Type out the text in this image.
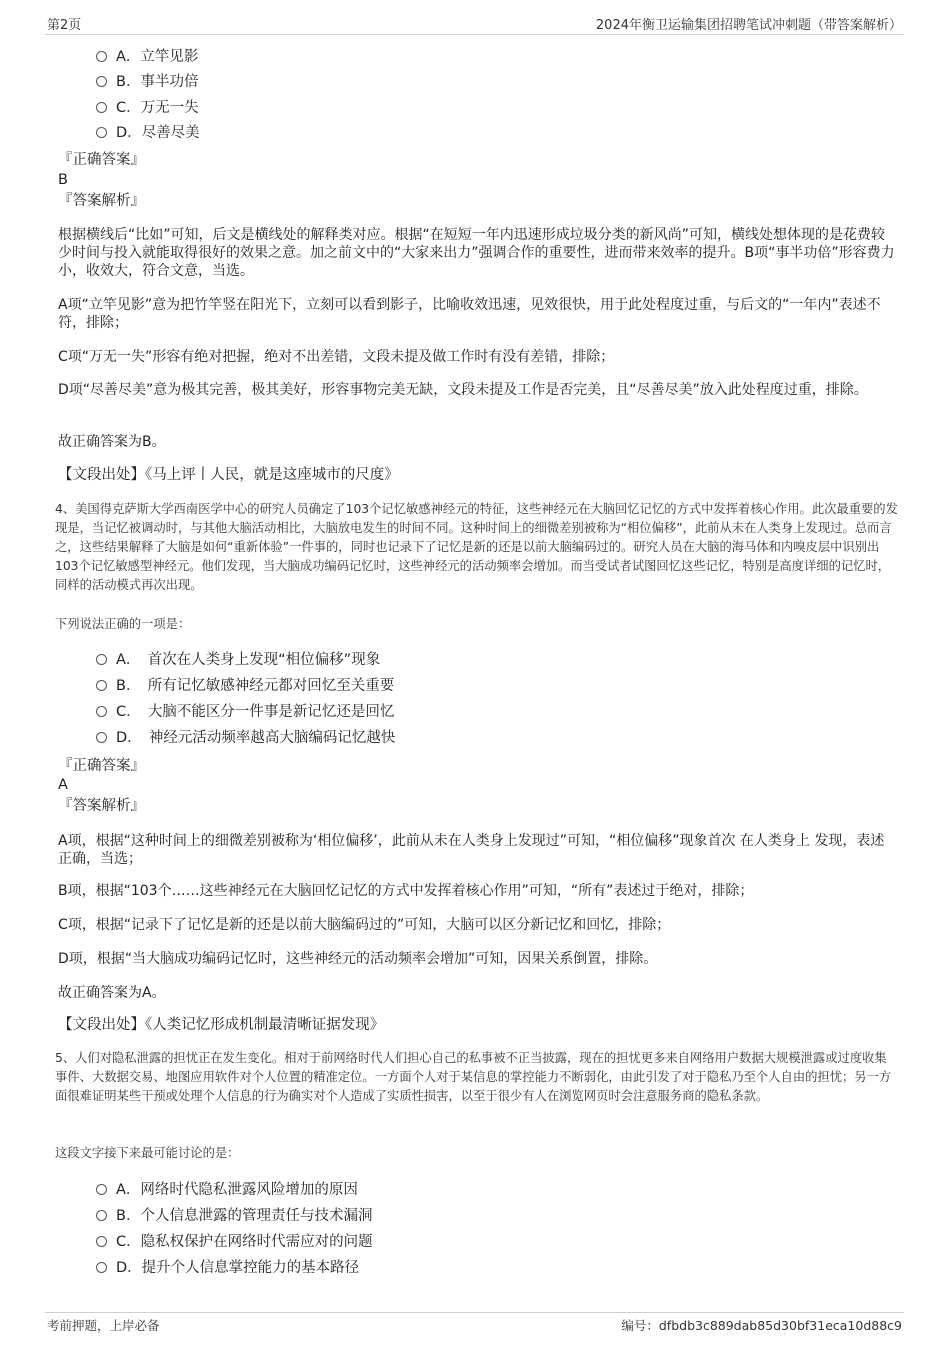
第2页	2024年衡卫运输集团招聘笔试冲刺题（带答案解析）
A．立竿见影
B．事半功倍
C．万无一失
D．尽善尽美
『正确答案』
B
『答案解析』
根据横线后“比如”可知，后文是横线处的解释类对应。根据“在短短一年内迅速形成垃圾分类的新风尚”可知，横线处想体现的是花费较少时间与投入就能取得很好的效果之意。加之前文中的“大家来出力”强调合作的重要性，进而带来效率的提升。B项“事半功倍”形容费力小，收效大，符合文意，当选。
A项“立竿见影”意为把竹竿竖在阳光下，立刻可以看到影子，比喻收效迅速，见效很快，用于此处程度过重，与后文的“一年内”表述不符，排除；
C项“万无一失”形容有绝对把握，绝对不出差错，文段未提及做工作时有没有差错，排除；
D项“尽善尽美”意为极其完善，极其美好，形容事物完美无缺，文段未提及工作是否完美，且“尽善尽美”放入此处程度过重，排除。
故正确答案为B。
【文段出处】《马上评丨人民，就是这座城市的尺度》
4、美国得克萨斯大学西南医学中心的研究人员确定了103个记忆敏感神经元的特征，这些神经元在大脑回忆记忆的方式中发挥着核心作用。此次最重要的发现是，当记忆被调动时，与其他大脑活动相比，大脑放电发生的时间不同。这种时间上的细微差别被称为“相位偏移”，此前从未在人类身上发现过。总而言之，这些结果解释了大脑是如何“重新体验”一件事的，同时也记录下了记忆是新的还是以前大脑编码过的。研究人员在大脑的海马体和内嗅皮层中识别出103个记忆敏感型神经元。他们发现，当大脑成功编码记忆时，这些神经元的活动频率会增加。而当受试者试图回忆这些记忆，特别是高度详细的记忆时，同样的活动模式再次出现。
下列说法正确的一项是：
A．　首次在人类身上发现“相位偏移”现象
B．　所有记忆敏感神经元都对回忆至关重要
C．　大脑不能区分一件事是新记忆还是回忆
D．　神经元活动频率越高大脑编码记忆越快
『正确答案』
A
『答案解析』
A项，根据“这种时间上的细微差别被称为‘相位偏移’，此前从未在人类身上发现过”可知，“相位偏移”现象首次 在人类身上 发现，表述正确，当选；
B项，根据“103个……这些神经元在大脑回忆记忆的方式中发挥着核心作用”可知，“所有”表述过于绝对，排除；
C项，根据“记录下了记忆是新的还是以前大脑编码过的”可知，大脑可以区分新记忆和回忆，排除；
D项，根据“当大脑成功编码记忆时，这些神经元的活动频率会增加”可知，因果关系倒置，排除。
故正确答案为A。
【文段出处】《人类记忆形成机制最清晰证据发现》
5、人们对隐私泄露的担忧正在发生变化。相对于前网络时代人们担心自己的私事被不正当披露，现在的担忧更多来自网络用户数据大规模泄露或过度收集事件、大数据交易、地图应用软件对个人位置的精准定位。一方面个人对于某信息的掌控能力不断弱化，由此引发了对于隐私乃至个人自由的担忧；另一方面很难证明某些干预或处理个人信息的行为确实对个人造成了实质性损害，以至于很少有人在浏览网页时会注意服务商的隐私条款。
这段文字接下来最可能讨论的是：
A．网络时代隐私泄露风险增加的原因
B．个人信息泄露的管理责任与技术漏洞
C．隐私权保护在网络时代需应对的问题
D．提升个人信息掌控能力的基本路径
考前押题，上岸必备	编号：dfbdb3c889dab85d30bf31eca10d88c9
